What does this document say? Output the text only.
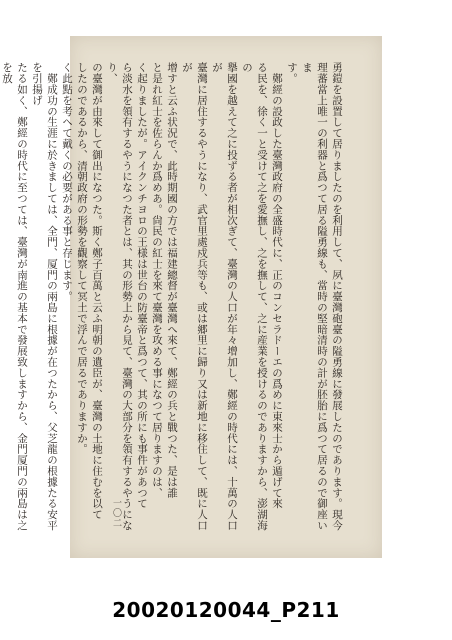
勇鎧を設置して居りましたのを利用して、夙に臺灣砲臺の隘勇線に發展したのであります。現今

理蕃當上唯一の利器と爲つて居る隘勇線も、當時の堅暗清時の計が胚胎に爲つて居るので御座いま

す。

　鄭經の設政した臺灣政府の全盛時代に、正のコンセラドーエの爲めに東來士から遁げて來

る民を、徐く一と受けて之を愛撫し、之を撫して、之に産業を授けるのでありますから、澎湖海の

擧國を越えて之に投ずる者が相次ぎて、臺灣の人口が年々增加し、鄭經の時代には、十萬の人口が

臺灣に居住するやうになり、武官里處戍兵等も、或は郷里に歸り又は新地に移住して、既に人口が

增すと云ふ状況で、此時期國の方では福建總督が臺灣へ來て、鄭經の兵と戰つた、是は誰

と是れ紅士を佐らんか爲めあ。尙民の紅士を來て臺灣を攻める事になつて居りますのは、

く起りましたが。アイクンチヨロの王様は世台の防臺帝と爲つて、其の所にも事件があつて

ら淡水を領有するやうになつた者とは、其の形勢上から見て、臺灣の大部分を領有するやうになり、

の臺灣が由來して御出になつた。斯く鄭子百萬と云ふ明朝の遺臣が、臺灣の土地に住むを以て

したのであるから、清朝政府の形勢を觀察して冥土で浮んで居るでありますか。

く此點を考へて戴くの必要がある事と存じます。

　鄭成功の生涯に於きましては、全門、厦門の兩島に根據が在つたから、父芝龍の根據たる安平を引揚げ

たる如く、鄭經の時代に至つては、臺灣が南進の基本で發展致しますから、金門厦門の兩島は之を放

一〇二
20020120044_P211
